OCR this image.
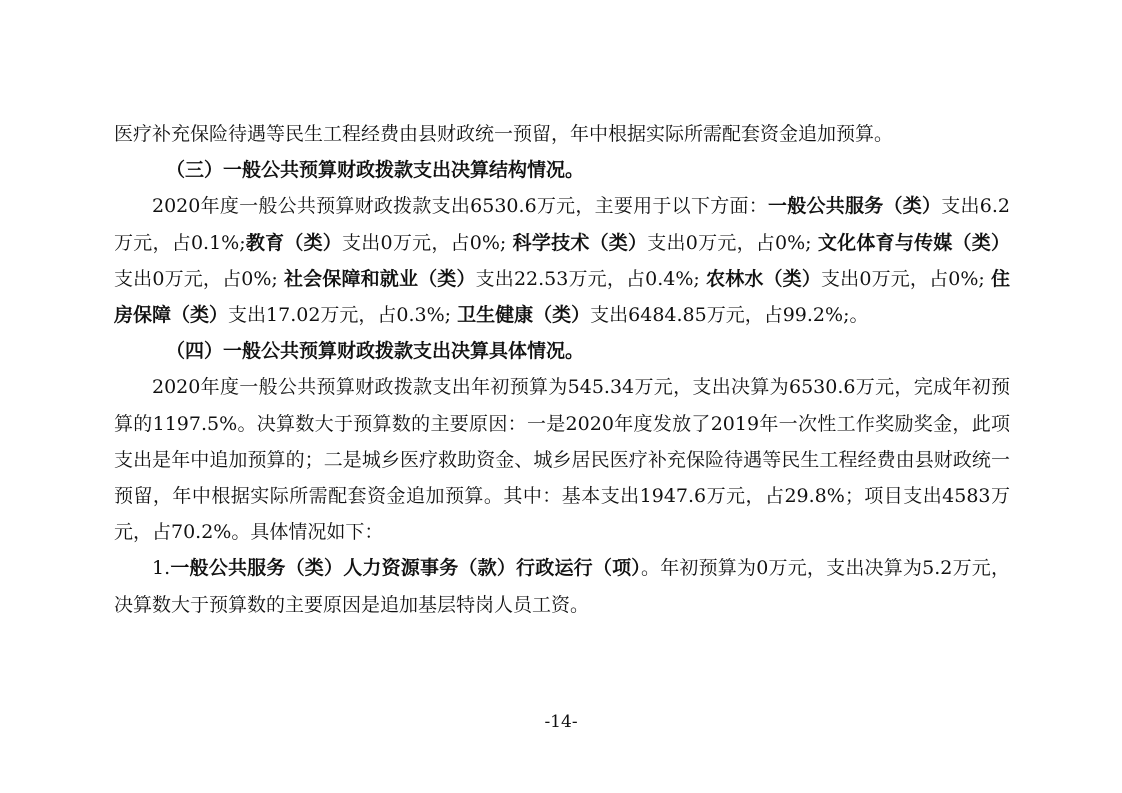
医疗补充保险待遇等民生工程经费由县财政统一预留，年中根据实际所需配套资金追加预算。

（三）一般公共预算财政拨款支出决算结构情况。

2020年度一般公共预算财政拨款支出6530.6万元，主要用于以下方面：一般公共服务（类）支出6.2万元，占0.1%;教育（类）支出0万元，占0%; 科学技术（类）支出0万元，占0%; 文化体育与传媒（类）支出0万元，占0%; 社会保障和就业（类）支出22.53万元，占0.4%; 农林水（类）支出0万元，占0%; 住房保障（类）支出17.02万元，占0.3%; 卫生健康（类）支出6484.85万元，占99.2%;。

（四）一般公共预算财政拨款支出决算具体情况。

2020年度一般公共预算财政拨款支出年初预算为545.34万元，支出决算为6530.6万元，完成年初预算的1197.5%。决算数大于预算数的主要原因：一是2020年度发放了2019年一次性工作奖励奖金，此项支出是年中追加预算的；二是城乡医疗救助资金、城乡居民医疗补充保险待遇等民生工程经费由县财政统一预留，年中根据实际所需配套资金追加预算。其中：基本支出1947.6万元，占29.8%；项目支出4583万元，占70.2%。具体情况如下：

1.一般公共服务（类）人力资源事务（款）行政运行（项）。年初预算为0万元，支出决算为5.2万元，决算数大于预算数的主要原因是追加基层特岗人员工资。

-14-
